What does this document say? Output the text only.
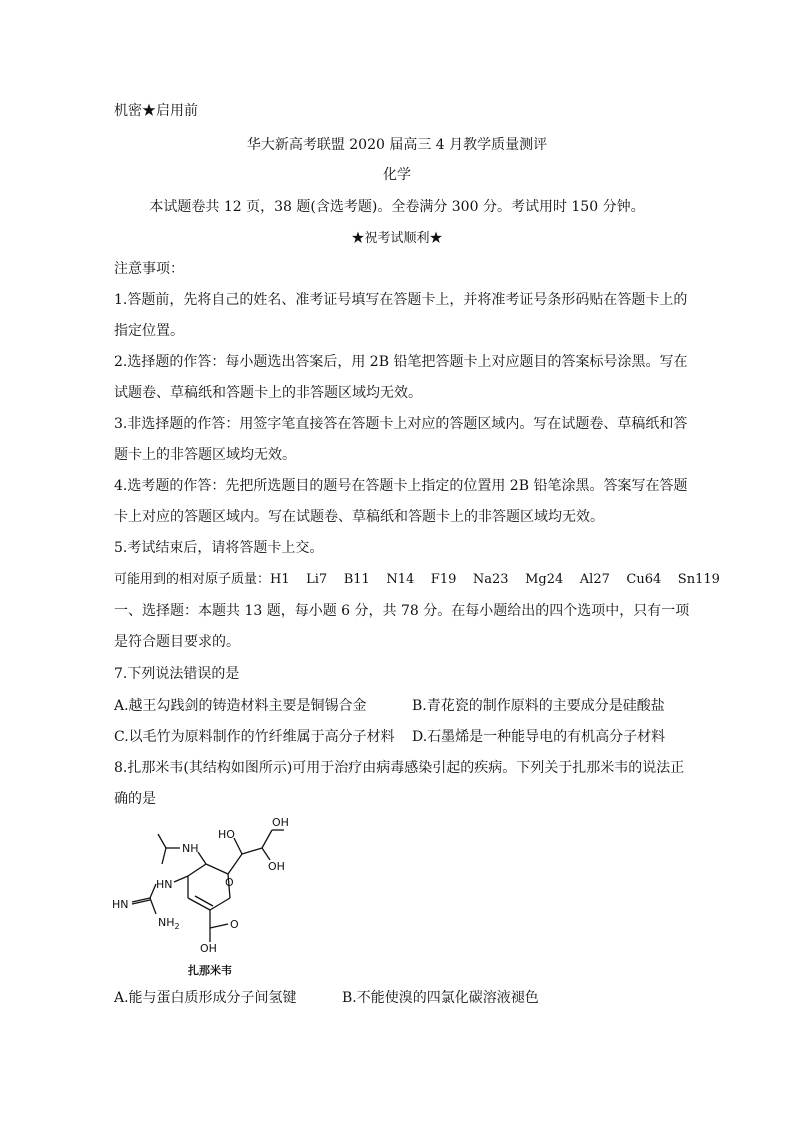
机密★启用前
华大新高考联盟 2020 届高三 4 月教学质量测评
化学
本试题卷共 12 页，38 题(含选考题)。全卷满分 300 分。考试用时 150 分钟。
★祝考试顺利★
注意事项：
1.答题前，先将自己的姓名、准考证号填写在答题卡上，并将准考证号条形码贴在答题卡上的
指定位置。
2.选择题的作答：每小题选出答案后，用 2B 铅笔把答题卡上对应题目的答案标号涂黑。写在
试题卷、草稿纸和答题卡上的非答题区域均无效。
3.非选择题的作答：用签字笔直接答在答题卡上对应的答题区域内。写在试题卷、草稿纸和答
题卡上的非答题区域均无效。
4.选考题的作答：先把所选题目的题号在答题卡上指定的位置用 2B 铅笔涂黑。答案写在答题
卡上对应的答题区域内。写在试题卷、草稿纸和答题卡上的非答题区域均无效。
5.考试结束后，请将答题卡上交。
可能用到的相对原子质量：H1    Li7    B11    N14    F19    Na23    Mg24    Al27    Cu64    Sn119
一、选择题：本题共 13 题，每小题 6 分，共 78 分。在每小题给出的四个选项中，只有一项
是符合题目要求的。
7.下列说法错误的是
A.越王勾践剑的铸造材料主要是铜锡合金	B.青花瓷的制作原料的主要成分是硅酸盐
C.以毛竹为原料制作的竹纤维属于高分子材料 D.石墨烯是一种能导电的有机高分子材料
8.扎那米韦(其结构如图所示)可用于治疗由病毒感染引起的疾病。下列关于扎那米韦的说法正
确的是
OH
HO
OH
NH
HN
HN
$NH_2$
O
O
OH
扎那米韦
A.能与蛋白质形成分子间氢键	B.不能使溴的四氯化碳溶液褪色
